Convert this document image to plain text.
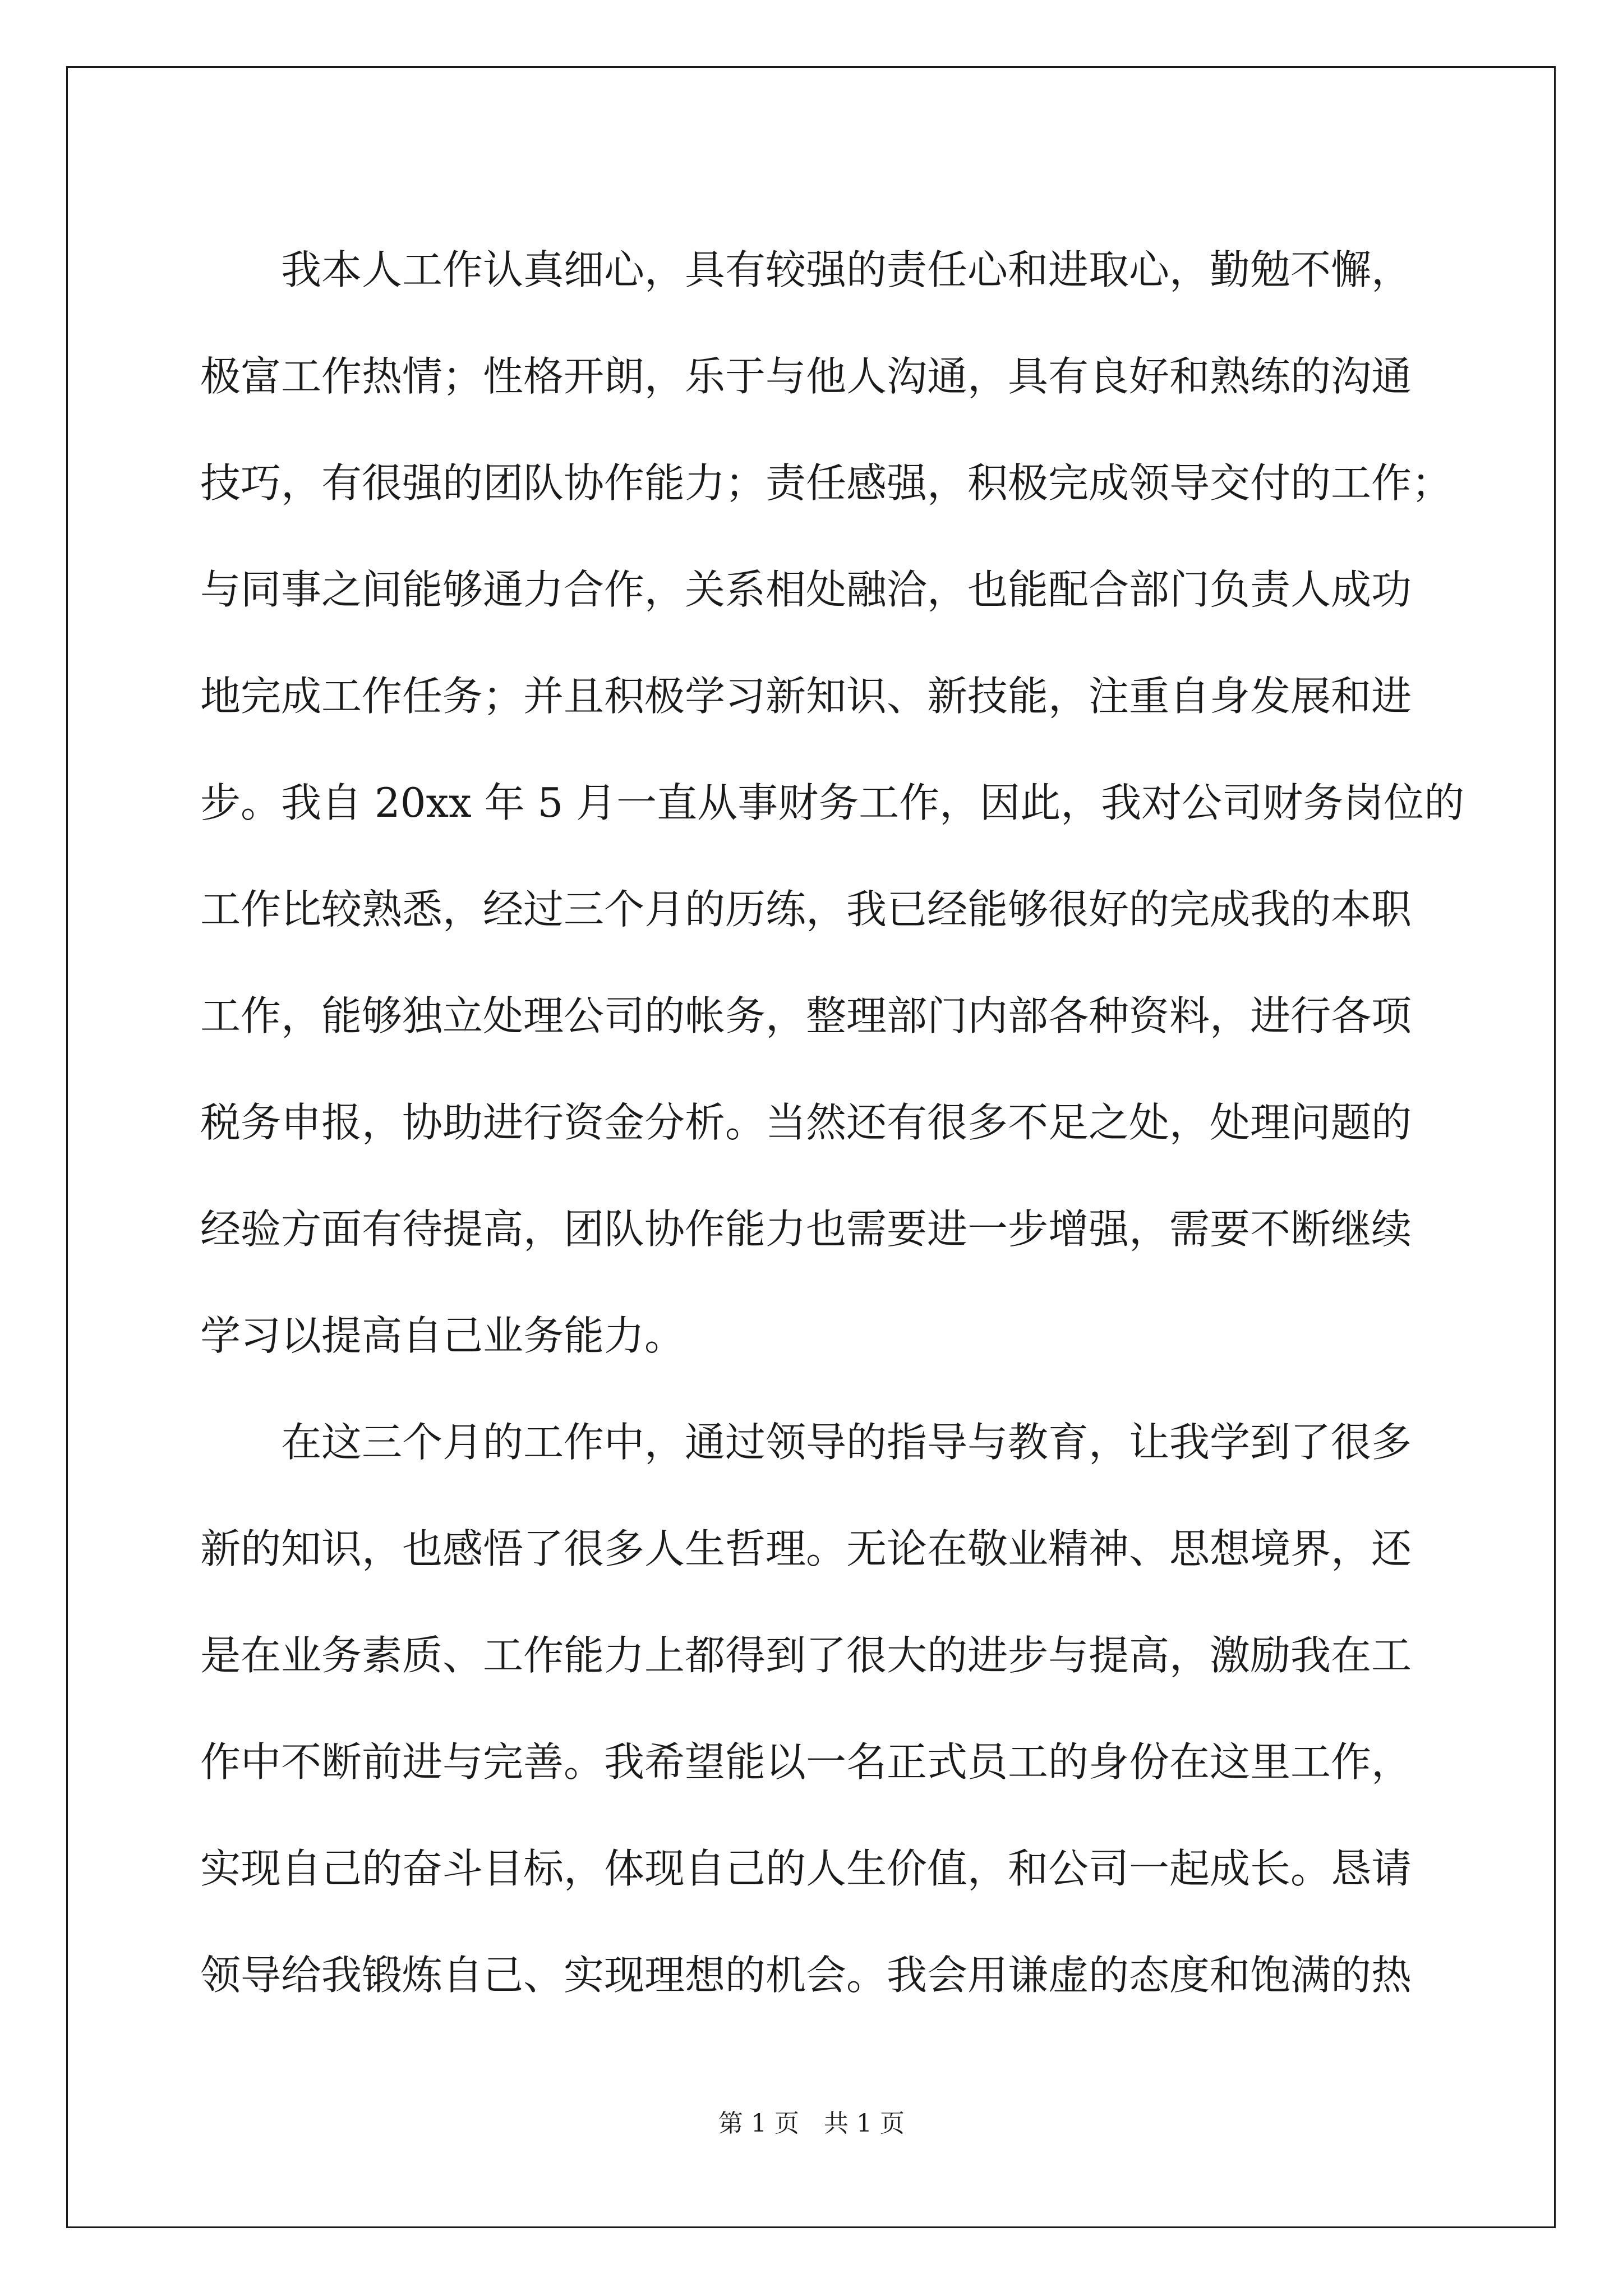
　　我本人工作认真细心，具有较强的责任心和进取心，勤勉不懈，
极富工作热情；性格开朗，乐于与他人沟通，具有良好和熟练的沟通
技巧，有很强的团队协作能力；责任感强，积极完成领导交付的工作；
与同事之间能够通力合作，关系相处融洽，也能配合部门负责人成功
地完成工作任务；并且积极学习新知识、新技能，注重自身发展和进
步。我自 20xx 年 5 月一直从事财务工作，因此，我对公司财务岗位的
工作比较熟悉，经过三个月的历练，我已经能够很好的完成我的本职
工作，能够独立处理公司的帐务，整理部门内部各种资料，进行各项
税务申报，协助进行资金分析。当然还有很多不足之处，处理问题的
经验方面有待提高，团队协作能力也需要进一步增强，需要不断继续
学习以提高自己业务能力。
　　在这三个月的工作中，通过领导的指导与教育，让我学到了很多
新的知识，也感悟了很多人生哲理。无论在敬业精神、思想境界，还
是在业务素质、工作能力上都得到了很大的进步与提高，激励我在工
作中不断前进与完善。我希望能以一名正式员工的身份在这里工作，
实现自己的奋斗目标，体现自己的人生价值，和公司一起成长。恳请
领导给我锻炼自己、实现理想的机会。我会用谦虚的态度和饱满的热
第 1 页　共 1 页
